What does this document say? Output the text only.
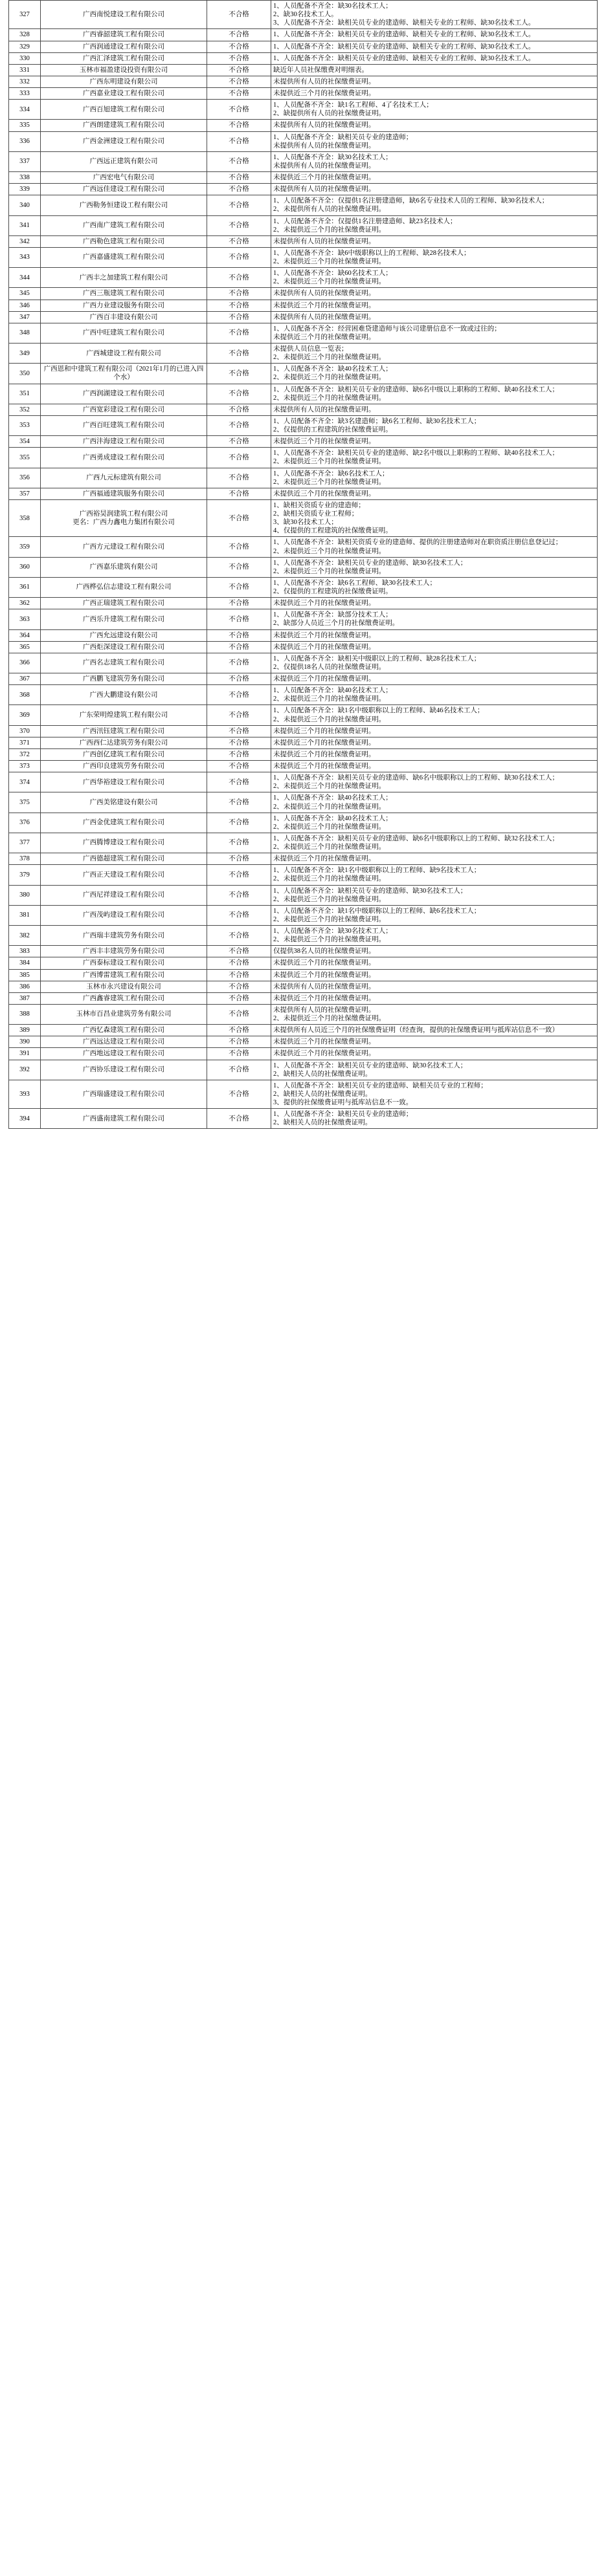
327	广西南悦建设工程有限公司	不合格	1、人员配备不齐全：缺30名技术工人；
2、缺30名技术工人。
3、人员配备不齐全：缺相关员专业的建造师、缺相关专业的工程师、缺30名技术工人。

328	广西睿韶建筑工程有限公司	不合格	1、人员配备不齐全：缺相关员专业的建造师、缺相关专业的工程师、缺30名技术工人。

329	广西润通建设工程有限公司	不合格	1、人员配备不齐全：缺相关员专业的建造师、缺相关专业的工程师、缺30名技术工人。

330	广西汇泽建筑工程有限公司	不合格	1、人员配备不齐全：缺相关员专业的建造师、缺相关专业的工程师、缺30名技术工人。

331	玉林市福盈建设投资有限公司	不合格	缺近年人员社保缴费对明细表。

332	广西东明建设有限公司	不合格	未提供所有人员的社保缴费证明。

333	广西嘉业建设工程有限公司	不合格	未提供近三个月的社保缴费证明。

334	广西百旭建筑工程有限公司	不合格	1、人员配备不齐全：缺1名工程师、4了名技术工人；
2、缺提供所有人员的社保缴费证明。

335	广西朗建建筑工程有限公司	不合格	未提供所有人员的社保缴费证明。

336	广西金洲建设工程有限公司	不合格	1、人员配备不齐全：缺相关员专业的建造师；
未提供所有人员的社保缴费证明。

337	广西远正建筑有限公司	不合格	1、人员配备不齐全：缺30名技术工人；
未提供所有人员的社保缴费证明。

338	广西宏电气有限公司	不合格	未提供近三个月的社保缴费证明。

339	广西远佳建设工程有限公司	不合格	未提供所有人员的社保缴费证明。

340	广西勒务恒建设工程有限公司	不合格	1、人员配备不齐全：仅提供1名注册建造师，缺6名专业技术人员的工程师、缺30名技术人；
2、未提供所有人员的社保缴费证明。

341	广西南广建筑工程有限公司	不合格	1、人员配备不齐全：仅提供1名注册建造师、缺23名技术人；
2、未提供近三个月的社保缴费证明。

342	广西勒色建筑工程有限公司	不合格	未提供所有人员的社保缴费证明。

343	广西嘉盛建筑工程有限公司	不合格	1、人员配备不齐全：缺6中级职称以上的工程师、缺28名技术人；
2、未提供近三个月的社保缴费证明。

344	广西丰之加建筑工程有限公司	不合格	1、人员配备不齐全：缺60名技术工人；
2、未提供近三个月的社保缴费证明。

345	广西三瓶建筑工程有限公司	不合格	未提供所有人员的社保缴费证明。

346	广西力业建设服务有限公司	不合格	未提供近三个月的社保缴费证明。

347	广西百丰建设有限公司	不合格	未提供所有人员的社保缴费证明。

348	广西中旺建筑工程有限公司	不合格	1、人员配备不齐全：经营困难贷建造师与该公司建册信息不一致或过往的；
未提供近三个月的社保缴费证明。

349	广西城建设工程有限公司	不合格	未提供人员信息一览表；
2、未提供近三个月的社保缴费证明。

350	广西恩和中建筑工程有限公司（2021年1月的已进入四个水）	不合格	1、人员配备不齐全：缺40名技术工人；
2、未提供近三个月的社保缴费证明。

351	广西润湖建设工程有限公司	不合格	1、人员配备不齐全：缺相关员专业的建造师、缺6名中级以上职称的工程师、缺40名技术工人；
2、未提供近三个月的社保缴费证明。

352	广西宽彩建设工程有限公司	不合格	未提供所有人员的社保缴费证明。

353	广西百旺建筑工程有限公司	不合格	1、人员配备不齐全：缺3名建造师；缺6名工程师、缺30名技术工人；
2、仅提供的工程建筑的社保缴费证明。

354	广西沣海建设工程有限公司	不合格	未提供近三个月的社保缴费证明。

355	广西勇成建设工程有限公司	不合格	1、人员配备不齐全：缺相关员专业的建造师、缺2名中级以上职称的工程师、缺40名技术工人；
2、未提供近三个月的社保缴费证明。

356	广西九元标建筑有限公司	不合格	1、人员配备不齐全：缺6名技术工人；
2、未提供近三个月的社保缴费证明。

357	广西福通建筑服务有限公司	不合格	未提供近三个月的社保缴费证明。

358	广西裕昊润建筑工程有限公司
更名：广西力鑫电力集团有限公司	不合格	1、缺相关资质专业的建造师；
2、缺相关资质专业工程师；
3、缺30名技术工人；
4、仅提供的工程建筑的社保缴费证明。

359	广西方元建设工程有限公司	不合格	1、人员配备不齐全：缺相关资质专业的建造师、提供的注册建造师对在职资质注册信息登记过；
2、未提供近三个月的社保缴费证明。

360	广西嘉乐建筑有限公司	不合格	1、人员配备不齐全：缺相关员专业的建造师、缺30名技术工人；
2、未提供近三个月的社保缴费证明。

361	广西桦弘信志建设工程有限公司	不合格	1、人员配备不齐全：缺6名工程师、缺30名技术工人；
2、仅提供的工程建筑的社保缴费证明。

362	广西正瑞建筑工程有限公司	不合格	未提供近三个月的社保缴费证明。

363	广西乐升建筑工程有限公司	不合格	1、人员配备不齐全：缺部分技术工人；
2、缺部分人员近三个月的社保缴费证明。

364	广西允远建设有限公司	不合格	未提供近三个月的社保缴费证明。

365	广西炬深建设工程有限公司	不合格	未提供近三个月的社保缴费证明。

366	广西名志建筑工程有限公司	不合格	1、人员配备不齐全：缺相关中级职以上的工程师、缺28名技术工人；
2、仅提供18名人员的社保缴费证明。

367	广西鹏飞建筑劳务有限公司	不合格	未提供近三个月的社保缴费证明。

368	广西大鹏建设有限公司	不合格	1、人员配备不齐全：缺40名技术工人；
2、未提供近三个月的社保缴费证明。

369	广东荣明煌建筑工程有限公司	不合格	1、人员配备不齐全：缺1名中级职称以上的工程师、缺46名技术工人；
2、未提供近三个月的社保缴费证明。

370	广西汛钰建筑工程有限公司	不合格	未提供近三个月的社保缴费证明。

371	广西西仁达建筑劳务有限公司	不合格	未提供近三个月的社保缴费证明。

372	广西创亿建筑工程有限公司	不合格	未提供近三个月的社保缴费证明。

373	广西印良建筑劳务有限公司	不合格	未提供近三个月的社保缴费证明。

374	广西华裕建设工程有限公司	不合格	1、人员配备不齐全：缺相关员专业的建造师、缺6名中级职称以上的工程师、缺30名技术工人；
2、未提供近三个月的社保缴费证明。

375	广西美铭建设有限公司	不合格	1、人员配备不齐全：缺40名技术工人；
2、未提供近三个月的社保缴费证明。

376	广西金优建筑工程有限公司	不合格	1、人员配备不齐全：缺40名技术工人；
2、未提供近三个月的社保缴费证明。

377	广西腾博建设工程有限公司	不合格	1、人员配备不齐全：缺相关员专业的建造师、缺6名中级职称以上的工程师、缺32名技术工人；
2、未提供近三个月的社保缴费证明。

378	广西德超建筑工程有限公司	不合格	未提供近三个月的社保缴费证明。

379	广西正天建设工程有限公司	不合格	1、人员配备不齐全：缺1名中级职称以上的工程师、缺9名技术工人；
2、未提供近三个月的社保缴费证明。

380	广西尼祥建设工程有限公司	不合格	1、人员配备不齐全：缺相关员专业的建造师、缺30名技术工人；
2、未提供近三个月的社保缴费证明。

381	广西茂屿建设工程有限公司	不合格	1、人员配备不齐全：缺1名中级职称以上的工程师、缺6名技术工人；
2、未提供近三个月的社保缴费证明。

382	广西瑞丰建筑劳务有限公司	不合格	1、人员配备不齐全：缺30名技术工人；
2、未提供近三个月的社保缴费证明。

383	广西丰丰建筑劳务有限公司	不合格	仅提供38名人员的社保缴费证明。

384	广西泰标建设工程有限公司	不合格	未提供近三个月的社保缴费证明。

385	广西博雷建筑工程有限公司	不合格	未提供近三个月的社保缴费证明。

386	玉林市永兴建设有限公司	不合格	未提供所有人员的社保缴费证明。

387	广西鑫睿建筑工程有限公司	不合格	未提供近三个月的社保缴费证明。

388	玉林市百昌业建筑劳务有限公司	不合格	未提供所有人员的社保缴费证明。
2、未提供近三个月的社保缴费证明。

389	广西忆森建筑工程有限公司	不合格	未提供所有人员近三个月的社保缴费证明（经查询，提供的社保缴费证明与抵库站信息不一致）

390	广西远达建设工程有限公司	不合格	未提供近三个月的社保缴费证明。

391	广西地远建设工程有限公司	不合格	未提供近三个月的社保缴费证明。

392	广西协乐建设工程有限公司	不合格	1、人员配备不齐全：缺相关员专业的建造师、缺30名技术工人；
2、缺相关人员的社保缴费证明。

393	广西瑞盛建设工程有限公司	不合格	1、人员配备不齐全：缺相关员专业的建造师、缺相关员专业的工程师；
2、缺相关人员的社保缴费证明。
3、提供的社保缴费证明与抵库站信息不一致。

394	广西盛南建筑工程有限公司	不合格	1、人员配备不齐全：缺相关员专业的建造师；
2、缺相关人员的社保缴费证明。
